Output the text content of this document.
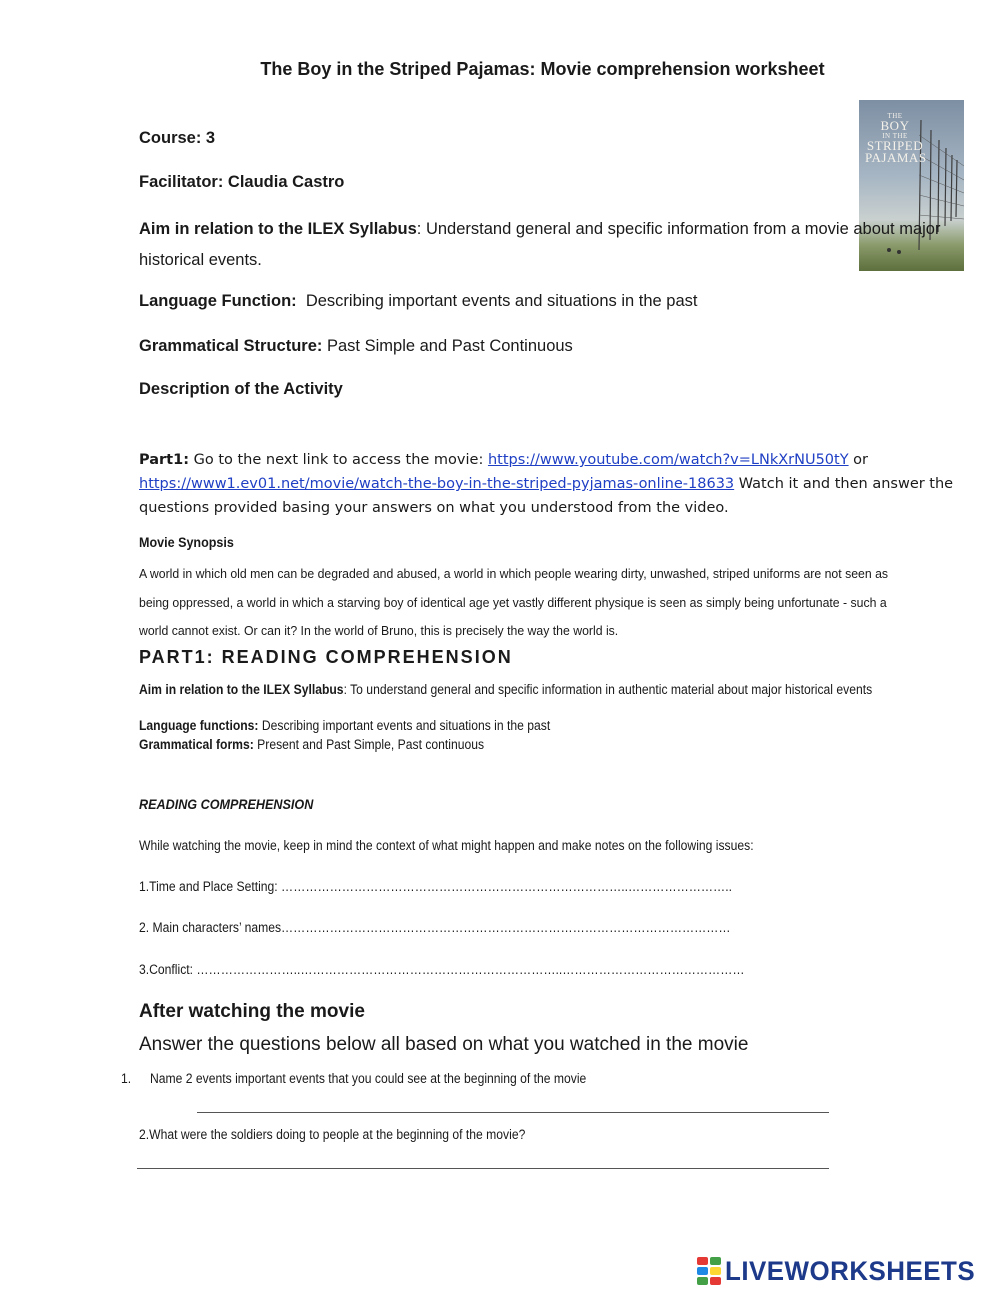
The Boy in the Striped Pajamas: Movie comprehension worksheet
THE
BOY
IN THE
STRIPED
PAJAMAS
Course: 3
Facilitator: Claudia Castro
Aim in relation to the ILEX Syllabus: Understand general and specific information from a movie about major historical events.
Language Function: Describing important events and situations in the past
Grammatical Structure: Past Simple and Past Continuous
Description of the Activity
Part1: Go to the next link to access the movie: https://www.youtube.com/watch?v=LNkXrNU50tY or
https://www1.ev01.net/movie/watch-the-boy-in-the-striped-pyjamas-online-18633 Watch it and then answer the questions provided basing your answers on what you understood from the video.
Movie Synopsis
A world in which old men can be degraded and abused, a world in which people wearing dirty, unwashed, striped uniforms are not seen as being oppressed, a world in which a starving boy of identical age yet vastly different physique is seen as simply being unfortunate - such a world cannot exist. Or can it? In the world of Bruno, this is precisely the way the world is.
PART1: READING COMPREHENSION
Aim in relation to the ILEX Syllabus: To understand general and specific information in authentic material about major historical events
Language functions: Describing important events and situations in the past
Grammatical forms: Present and Past Simple, Past continuous
READING COMPREHENSION
While watching the movie, keep in mind the context of what might happen and make notes on the following issues:
1.Time and Place Setting: …………………………………………………………………………..……………………..
2. Main characters’ names…………………………………………………………………………………………………
3.Conflict: ……………………..………………………………………………………..………………………………………
After watching the movie
Answer the questions below all based on what you watched in the movie
1. Name 2 events important events that you could see at the beginning of the movie
2.What were the soldiers doing to people at the beginning of the movie?
LIVEWORKSHEETS
